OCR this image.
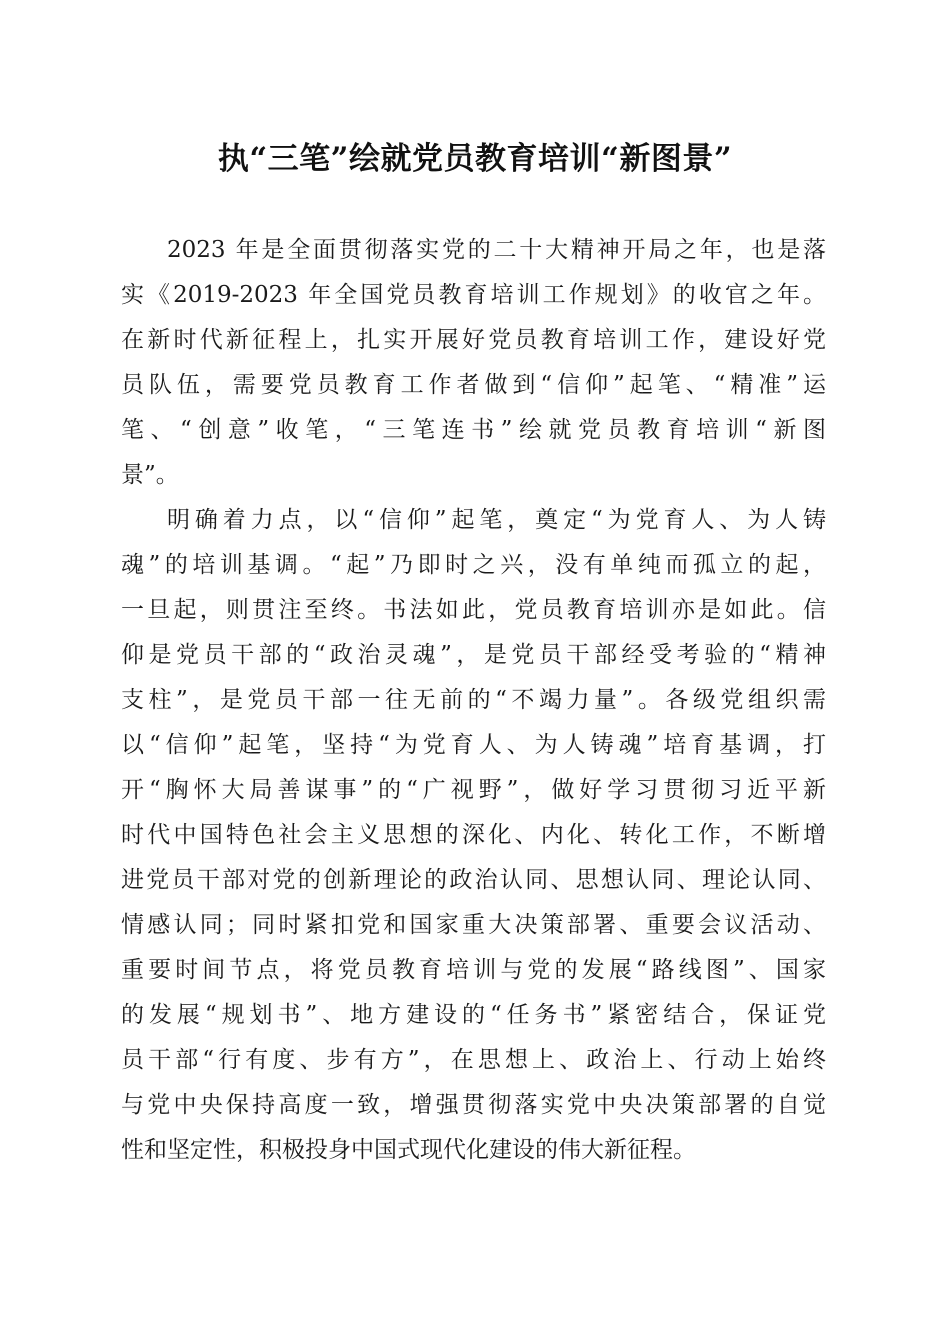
执“三笔”绘就党员教育培训“新图景”
2023 年是全面贯彻落实党的二十大精神开局之年，也是落
实《2019-2023 年全国党员教育培训工作规划》的收官之年。
在新时代新征程上，扎实开展好党员教育培训工作，建设好党
员队伍，需要党员教育工作者做到“信仰”起笔、“精准”运
笔、“创意”收笔，“三笔连书”绘就党员教育培训“新图
景”。
明确着力点，以“信仰”起笔，奠定“为党育人、为人铸
魂”的培训基调。“起”乃即时之兴，没有单纯而孤立的起，
一旦起，则贯注至终。书法如此，党员教育培训亦是如此。信
仰是党员干部的“政治灵魂”，是党员干部经受考验的“精神
支柱”，是党员干部一往无前的“不竭力量”。各级党组织需
以“信仰”起笔，坚持“为党育人、为人铸魂”培育基调，打
开“胸怀大局善谋事”的“广视野”，做好学习贯彻习近平新
时代中国特色社会主义思想的深化、内化、转化工作，不断增
进党员干部对党的创新理论的政治认同、思想认同、理论认同、
情感认同；同时紧扣党和国家重大决策部署、重要会议活动、
重要时间节点，将党员教育培训与党的发展“路线图”、国家
的发展“规划书”、地方建设的“任务书”紧密结合，保证党
员干部“行有度、步有方”，在思想上、政治上、行动上始终
与党中央保持高度一致，增强贯彻落实党中央决策部署的自觉
性和坚定性，积极投身中国式现代化建设的伟大新征程。
